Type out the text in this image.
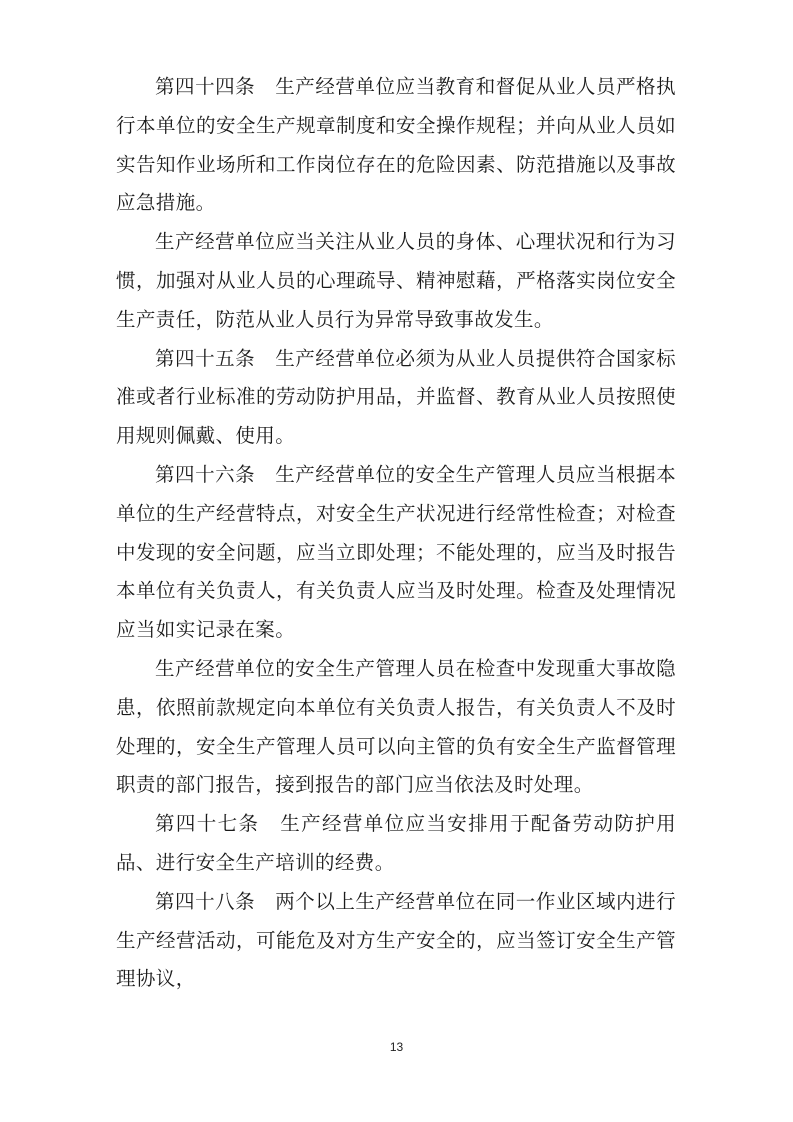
第四十四条　生产经营单位应当教育和督促从业人员严格执行本单位的安全生产规章制度和安全操作规程；并向从业人员如实告知作业场所和工作岗位存在的危险因素、防范措施以及事故应急措施。

生产经营单位应当关注从业人员的身体、心理状况和行为习惯，加强对从业人员的心理疏导、精神慰藉，严格落实岗位安全生产责任，防范从业人员行为异常导致事故发生。

第四十五条　生产经营单位必须为从业人员提供符合国家标准或者行业标准的劳动防护用品，并监督、教育从业人员按照使用规则佩戴、使用。

第四十六条　生产经营单位的安全生产管理人员应当根据本单位的生产经营特点，对安全生产状况进行经常性检查；对检查中发现的安全问题，应当立即处理；不能处理的，应当及时报告本单位有关负责人，有关负责人应当及时处理。检查及处理情况应当如实记录在案。

生产经营单位的安全生产管理人员在检查中发现重大事故隐患，依照前款规定向本单位有关负责人报告，有关负责人不及时处理的，安全生产管理人员可以向主管的负有安全生产监督管理职责的部门报告，接到报告的部门应当依法及时处理。

第四十七条　生产经营单位应当安排用于配备劳动防护用品、进行安全生产培训的经费。

第四十八条　两个以上生产经营单位在同一作业区域内进行生产经营活动，可能危及对方生产安全的，应当签订安全生产管理协议，

13
